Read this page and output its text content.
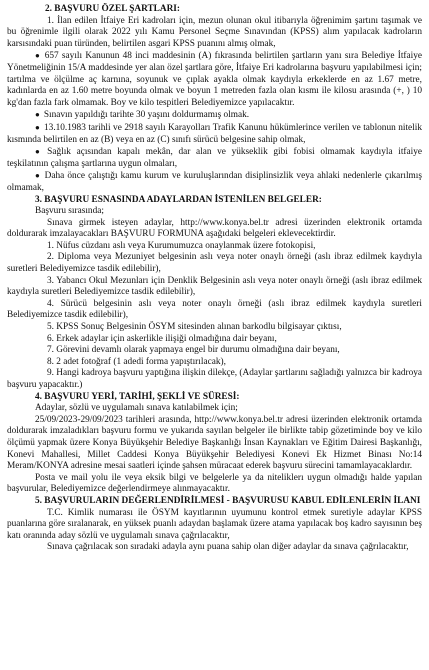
2. BAŞVURU ÖZEL ŞARTLARI:

1. İlan edilen İtfaiye Eri kadroları için, mezun olunan okul itibarıyla öğrenimim şartını taşımak ve bu öğrenimle ilgili olarak 2022 yılı Kamu Personel Seçme Sınavından (KPSS) alım yapılacak kadroların karsısındaki puan türünden, belirtilen asgari KPSS puanını almış olmak,

● 657 sayılı Kanunun 48 inci maddesinin (A) fıkrasında belirtilen şartların yanı sıra Belediye İtfaiye Yönetmeliğinin 15/A maddesinde yer alan özel şartlara göre, İtfaiye Eri kadrolarına başvuru yapılabilmesi için; tartılma ve ölçülme aç karnına, soyunuk ve çıplak ayakla olmak kaydıyla erkeklerde en az 1.67 metre, kadınlarda en az 1.60 metre boyunda olmak ve boyun 1 metreden fazla olan kısmı ile kilosu arasında (+, ) 10 kg'dan fazla fark olmamak. Boy ve kilo tespitleri Belediyemizce yapılacaktır.

● Sınavın yapıldığı tarihte 30 yaşını doldurmamış olmak.

● 13.10.1983 tarihli ve 2918 sayılı Karayolları Trafik Kanunu hükümlerince verilen ve tablonun nitelik kısmında belirtilen en az (B) veya en az (C) sınıfı sürücü belgesine sahip olmak,

● Sağlık açısından kapalı mekân, dar alan ve yükseklik gibi fobisi olmamak kaydıyla itfaiye teşkilatının çalışma şartlarına uygun olmaları,

● Daha önce çalıştığı kamu kurum ve kuruluşlarından disiplinsizlik veya ahlaki nedenlerle çıkarılmış olmamak,

3. BAŞVURU ESNASINDA ADAYLARDAN İSTENİLEN BELGELER:

Başvuru sırasında;

Sınava girmek isteyen adaylar, http://www.konya.bel.tr adresi üzerinden elektronik ortamda doldurarak imzalayacakları BAŞVURU FORMUNA aşağıdaki belgeleri eklevecektirdir.

1. Nüfus cüzdanı aslı veya Kurumumuzca onaylanmak üzere fotokopisi,

2. Diploma veya Mezuniyet belgesinin aslı veya noter onaylı örneği (aslı ibraz edilmek kaydıyla suretleri Belediyemizce tasdik edilebilir),

3. Yabancı Okul Mezunları için Denklik Belgesinin aslı veya noter onaylı örneği (aslı ibraz edilmek kaydıyla suretleri Belediyemizce tasdik edilebilir),

4. Sürücü belgesinin aslı veya noter onaylı örneği (aslı ibraz edilmek kaydıyla suretleri Belediyemizce tasdik edilebilir),

5. KPSS Sonuç Belgesinin ÖSYM sitesinden alınan barkodlu bilgisayar çıktısı,

6. Erkek adaylar için askerlikle ilişiği olmadığına dair beyanı,

7. Görevini devamlı olarak yapmaya engel bir durumu olmadığına dair beyanı,

8. 2 adet fotoğraf (1 adedi forma yapıştırılacak),

9. Hangi kadroya başvuru yaptığına ilişkin dilekçe, (Adaylar şartlarını sağladığı yalnızca bir kadroya başvuru yapacaktır.)

4. BAŞVURU YERİ, TARİHİ, ŞEKLİ VE SÜRESİ:

Adaylar, sözlü ve uygulamalı sınava katılabilmek için;

25/09/2023-29/09/2023 tarihleri arasında, http://www.konya.bel.tr adresi üzerinden elektronik ortamda doldurarak imzaladıkları başvuru formu ve yukarıda sayılan belgeler ile birlikte tabip gözetiminde boy ve kilo ölçümü yapmak üzere Konya Büyükşehir Belediye Başkanlığı İnsan Kaynakları ve Eğitim Dairesi Başkanlığı, Konevi Mahallesi, Millet Caddesi Konya Büyükşehir Belediyesi Konevi Ek Hizmet Binası No:14 Meram/KONYA adresine mesai saatleri içinde şahsen müracaat ederek başvuru sürecini tamamlayacaklardır.

Posta ve mail yolu ile veya eksik bilgi ve belgelerle ya da niteliklerı uygun olmadığı halde yapılan başvurular, Belediyemizce değerlendirmeye alınmayacaktır.

5. BAŞVURULARIN DEĞERLENDİRİLMESİ - BAŞVURUSU KABUL EDİLENLERİN İLANI

T.C. Kimlik numarası ile ÖSYM kayıtlarının uyumunu kontrol etmek suretiyle adaylar KPSS puanlarına göre sıralanarak, en yüksek puanlı adaydan başlamak üzere atama yapılacak boş kadro sayısının beş katı oranında aday sözlü ve uygulamalı sınava çağrılacaktır,

Sınava çağrılacak son sıradaki adayla aynı puana sahip olan diğer adaylar da sınava çağrılacaktır,
